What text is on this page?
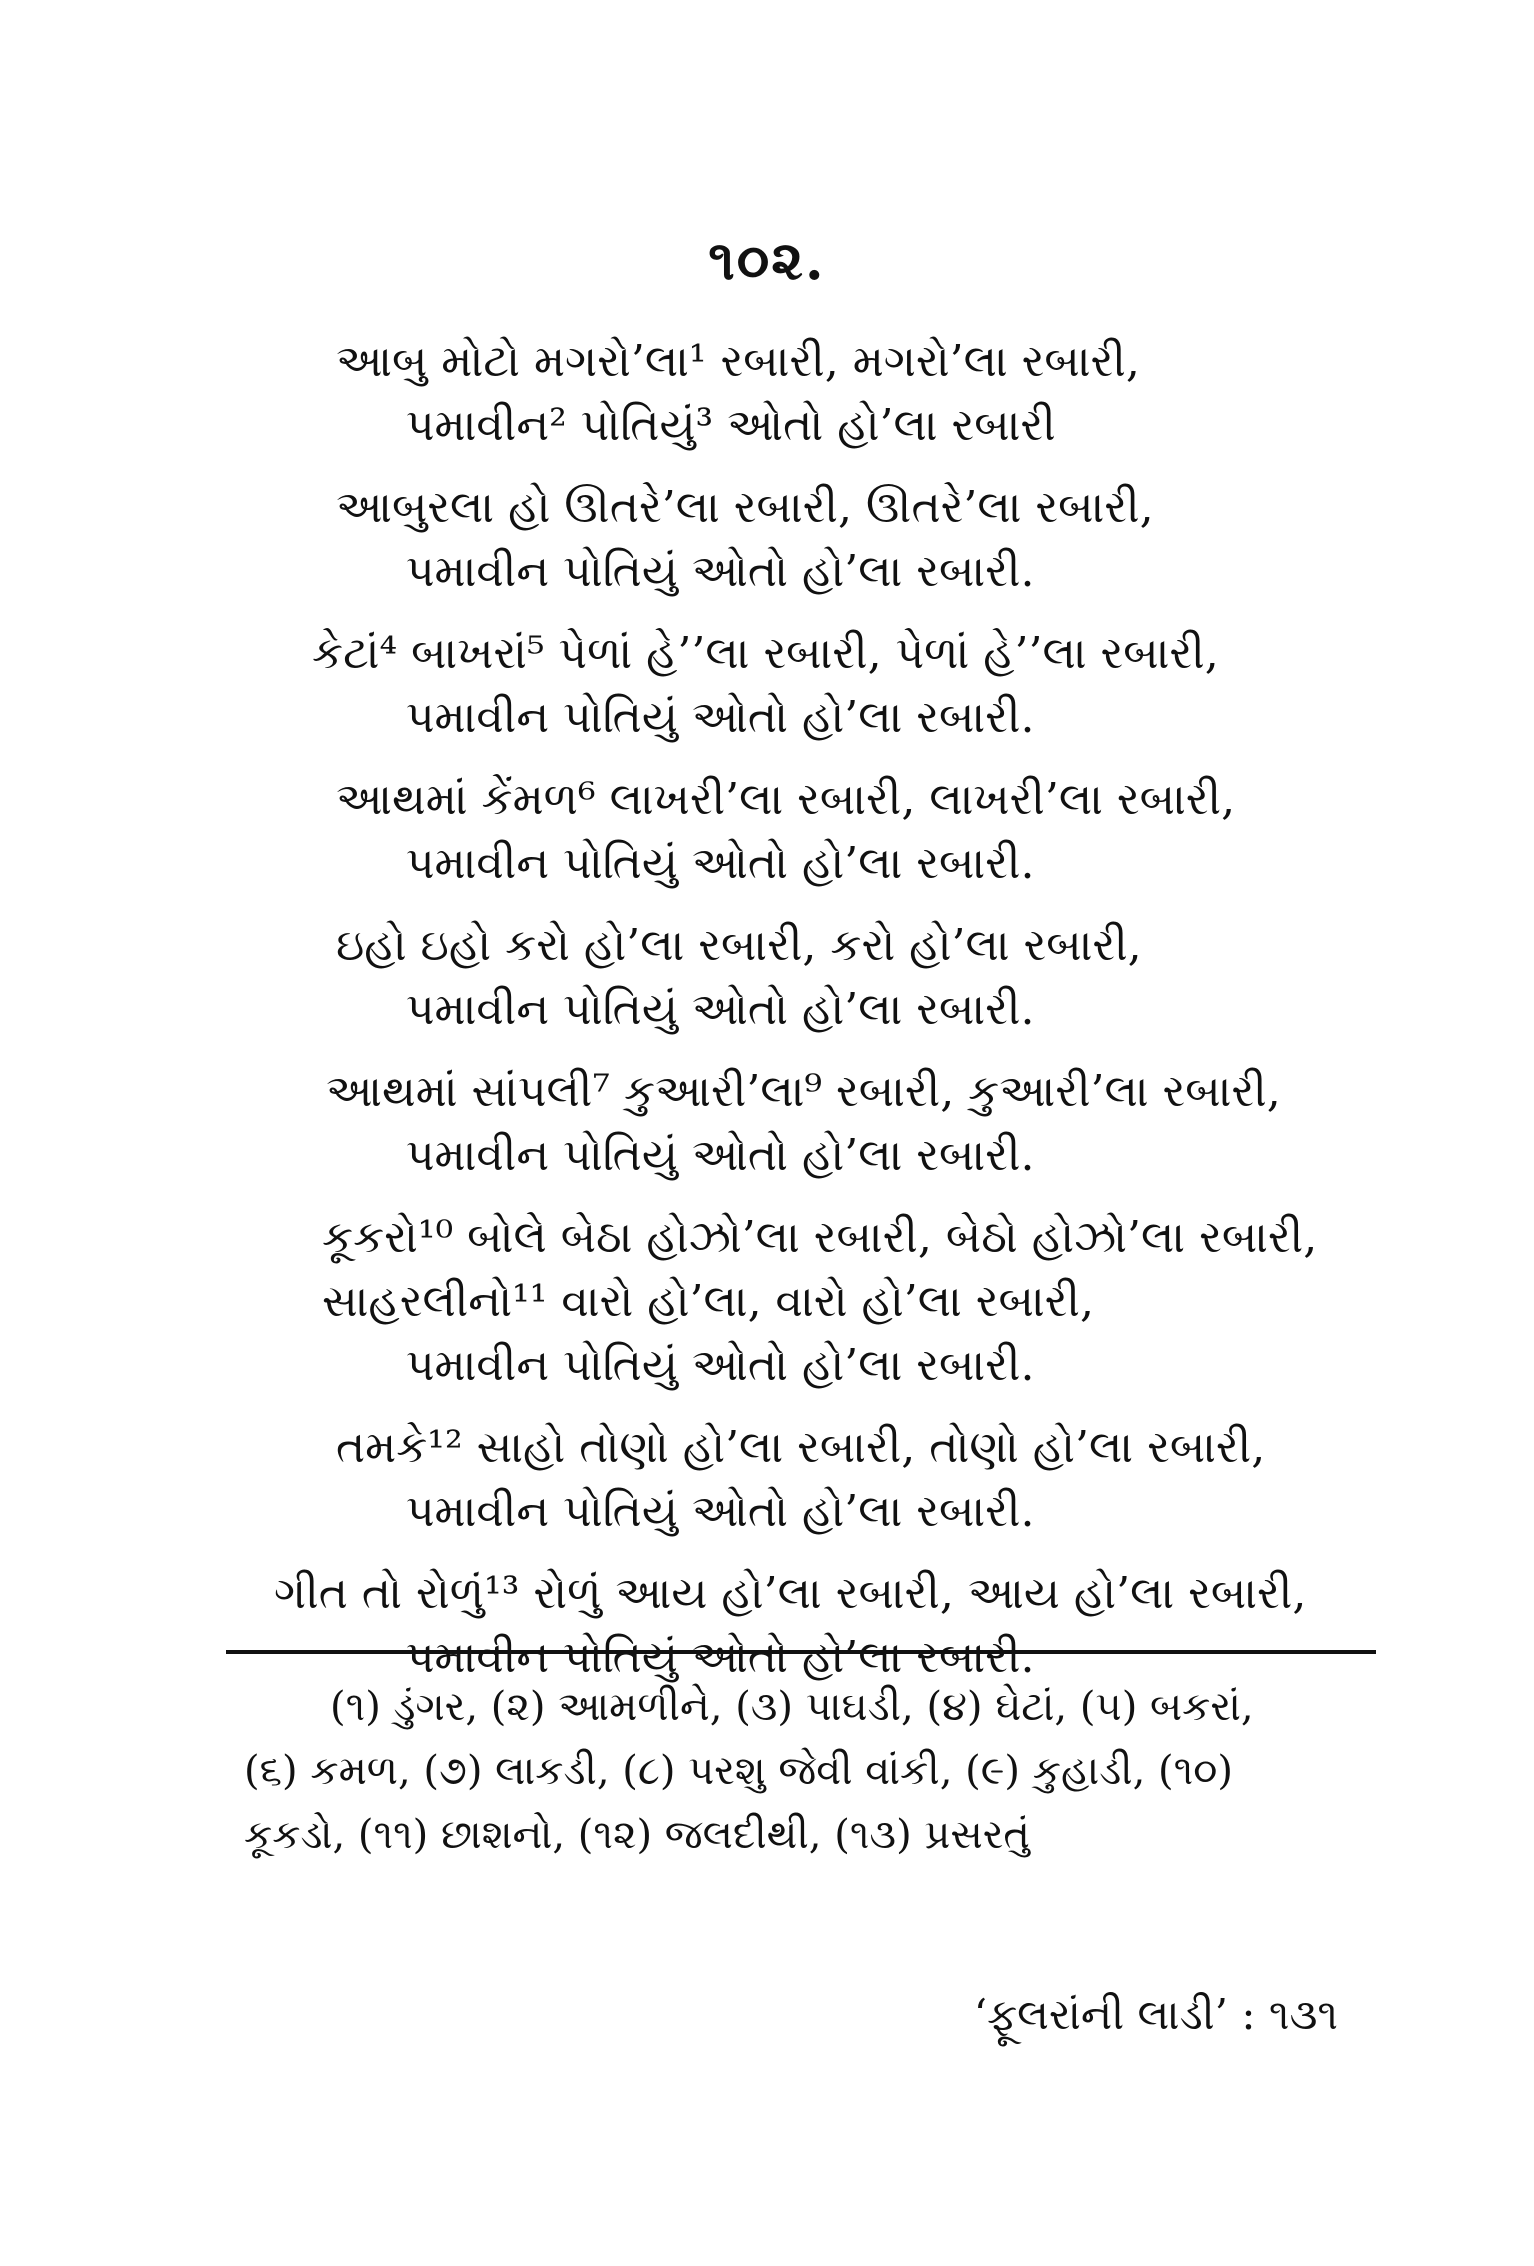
૧૦૨.
આબુ મોટો મગરો’લા¹ રબારી, મગરો’લા રબારી,
પમાવીન² પોતિયું³ ઓતો હો’લા રબારી
આબુરલા હો ઊતરે’લા રબારી, ઊતરે’લા રબારી,
પમાવીન પોતિયું ઓતો હો’લા રબારી.
કેટાં⁴ બાખરાં⁵ પેળાં હે’’લા રબારી, પેળાં હે’’લા રબારી,
પમાવીન પોતિયું ઓતો હો’લા રબારી.
આથમાં કેંમળ⁶ લાખરી’લા રબારી, લાખરી’લા રબારી,
પમાવીન પોતિયું ઓતો હો’લા રબારી.
ઇહો ઇહો કરો હો’લા રબારી, કરો હો’લા રબારી,
પમાવીન પોતિયું ઓતો હો’લા રબારી.
આથમાં સાંપલી⁷ કુઆરી’લા⁹ રબારી, કુઆરી’લા રબારી,
પમાવીન પોતિયું ઓતો હો’લા રબારી.
કૂકરો¹⁰ બોલે બેઠા હોઝો’લા રબારી, બેઠો હોઝો’લા રબારી,
સાહરલીનો¹¹ વારો હો’લા, વારો હો’લા રબારી,
પમાવીન પોતિયું ઓતો હો’લા રબારી.
તમકે¹² સાહો તોણો હો’લા રબારી, તોણો હો’લા રબારી,
પમાવીન પોતિયું ઓતો હો’લા રબારી.
ગીત તો રોળું¹³ રોળું આય હો’લા રબારી, આય હો’લા રબારી,
પમાવીન પોતિયું ઓતો હો’લા રબારી.
(૧) ડુંગર, (૨) આમળીને, (૩) પાઘડી, (૪) ઘેટાં, (૫) બકરાં,
(૬) કમળ, (૭) લાકડી, (૮) પરશુ જેવી વાંકી, (૯) કુહાડી, (૧૦)
કૂકડો, (૧૧) છાશનો, (૧૨) જલદીથી, (૧૩) પ્રસરતું
‘ફૂલરાંની લાડી’ : ૧૩૧
